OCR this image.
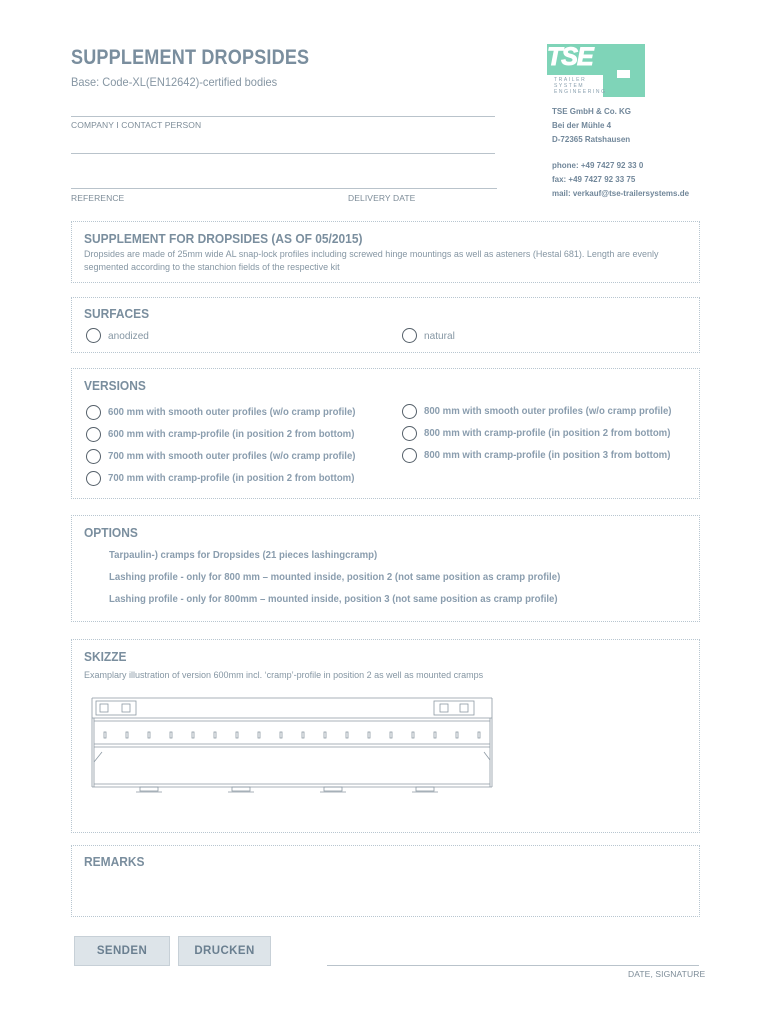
SUPPLEMENT DROPSIDES
Base: Code-XL(EN12642)-certified bodies
TSE
TRAILER
SYSTEM
ENGINEERING
COMPANY I CONTACT PERSON
REFERENCE	DELIVERY DATE
TSE GmbH & Co. KG
Bei der Mühle 4
D-72365 Ratshausen
phone: +49 7427 92 33 0
fax: +49 7427 92 33 75
mail: verkauf@tse-trailersystems.de
SUPPLEMENT FOR DROPSIDES (AS OF 05/2015)
Dropsides are made of 25mm wide AL snap-lock profiles including screwed hinge mountings as well as asteners (Hestal 681). Length are evenly segmented according to the stanchion fields of the respective kit
SURFACES
anodized	natural
VERSIONS
600 mm with smooth outer profiles (w/o cramp profile)
600 mm with cramp-profile (in position 2 from bottom)
700 mm with smooth outer profiles (w/o cramp profile)
700 mm with cramp-profile (in position 2 from bottom)
800 mm with smooth outer profiles (w/o cramp profile)
800 mm with cramp-profile (in position 2 from bottom)
800 mm with cramp-profile (in position 3 from bottom)
OPTIONS
Tarpaulin-) cramps for Dropsides (21 pieces lashingcramp)
Lashing profile - only for 800 mm – mounted inside, position 2 (not same position as cramp profile)
Lashing profile - only for 800mm – mounted inside, position 3 (not same position as cramp profile)
SKIZZE
Examplary illustration of version 600mm incl. ‘cramp’-profile in position 2 as well as mounted cramps
REMARKS
SENDEN	DRUCKEN
DATE, SIGNATURE
